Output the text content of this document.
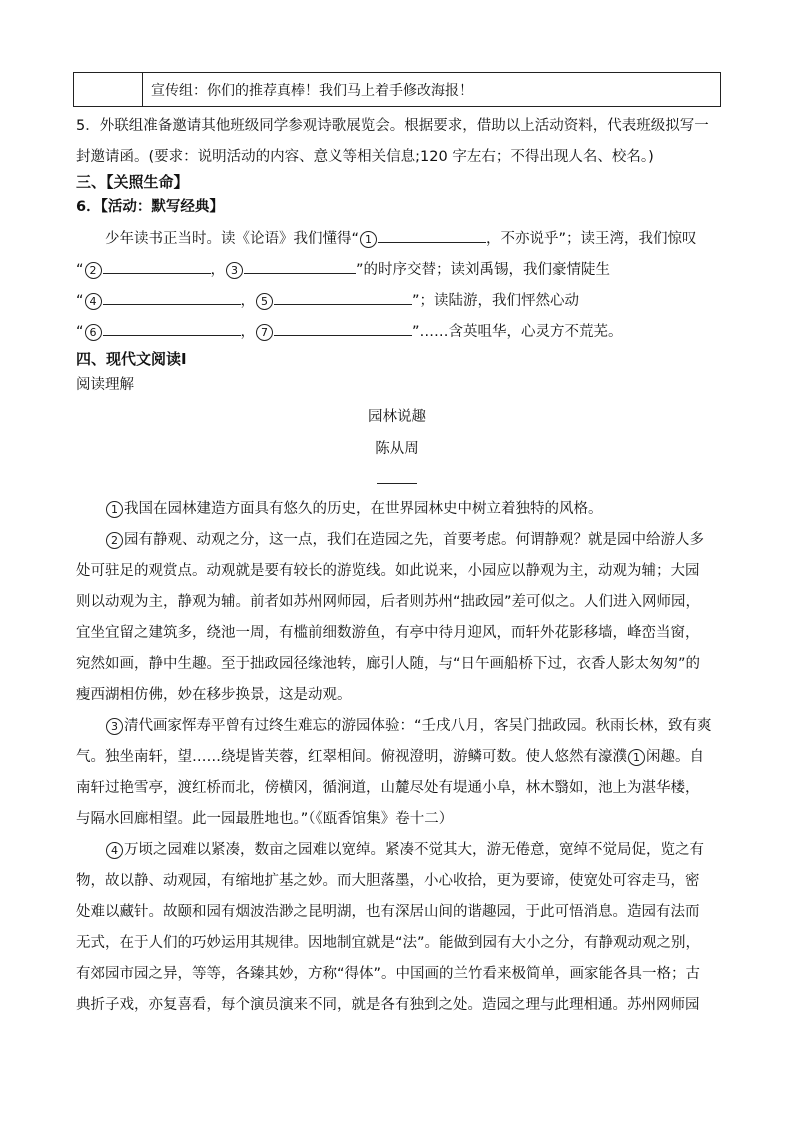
	宣传组：你们的推荐真棒！我们马上着手修改海报！
5．外联组准备邀请其他班级同学参观诗歌展览会。根据要求，借助以上活动资料，代表班级拟写一
封邀请函。(要求：说明活动的内容、意义等相关信息;120 字左右；不得出现人名、校名。)
三、【关照生命】
6．【活动：默写经典】
少年读书正当时。读《论语》我们懂得“ 1	，不亦说乎”；读王湾，我们惊叹
“ 2	， 3	”的时序交替；读刘禹锡，我们豪情陡生
“ 4	， 5	”；读陆游，我们怦然心动
“ 6	， 7	”……含英咀华，心灵方不荒芜。
四、现代文阅读Ⅰ
阅读理解
园林说趣
陈从周
1 我国在园林建造方面具有悠久的历史，在世界园林史中树立着独特的风格。
2 园有静观、动观之分，这一点，我们在造园之先，首要考虑。何谓静观？就是园中给游人多
处可驻足的观赏点。动观就是要有较长的游览线。如此说来，小园应以静观为主，动观为辅；大园
则以动观为主，静观为辅。前者如苏州网师园，后者则苏州“拙政园”差可似之。人们进入网师园，
宜坐宜留之建筑多，绕池一周，有槛前细数游鱼，有亭中待月迎风，而轩外花影移墙，峰峦当窗，
宛然如画，静中生趣。至于拙政园径缘池转，廊引人随，与“日午画船桥下过，衣香人影太匆匆”的
瘦西湖相仿佛，妙在移步换景，这是动观。
3 清代画家恽寿平曾有过终生难忘的游园体验：“壬戌八月，客吴门拙政园。秋雨长林，致有爽
气。独坐南轩，望……绕堤皆芙蓉，红翠相间。俯视澄明，游鳞可数。使人悠然有濠濮 1 闲趣。自
南轩过艳雪亭，渡红桥而北，傍横冈，循涧道，山麓尽处有堤通小阜，林木翳如，池上为湛华楼，
与隔水回廊相望。此一园最胜地也。”（《瓯香馆集》卷十二）
4 万顷之园难以紧凑，数亩之园难以宽绰。紧凑不觉其大，游无倦意，宽绰不觉局促，览之有
物，故以静、动观园，有缩地扩基之妙。而大胆落墨，小心收拾，更为要谛，使宽处可容走马，密
处难以藏针。故颐和园有烟波浩渺之昆明湖，也有深居山间的谐趣园，于此可悟消息。造园有法而
无式，在于人们的巧妙运用其规律。因地制宜就是“法”。能做到园有大小之分，有静观动观之别，
有郊园市园之异，等等，各臻其妙，方称“得体”。中国画的兰竹看来极简单，画家能各具一格；古
典折子戏，亦复喜看，每个演员演来不同，就是各有独到之处。造园之理与此理相通。苏州网师园
